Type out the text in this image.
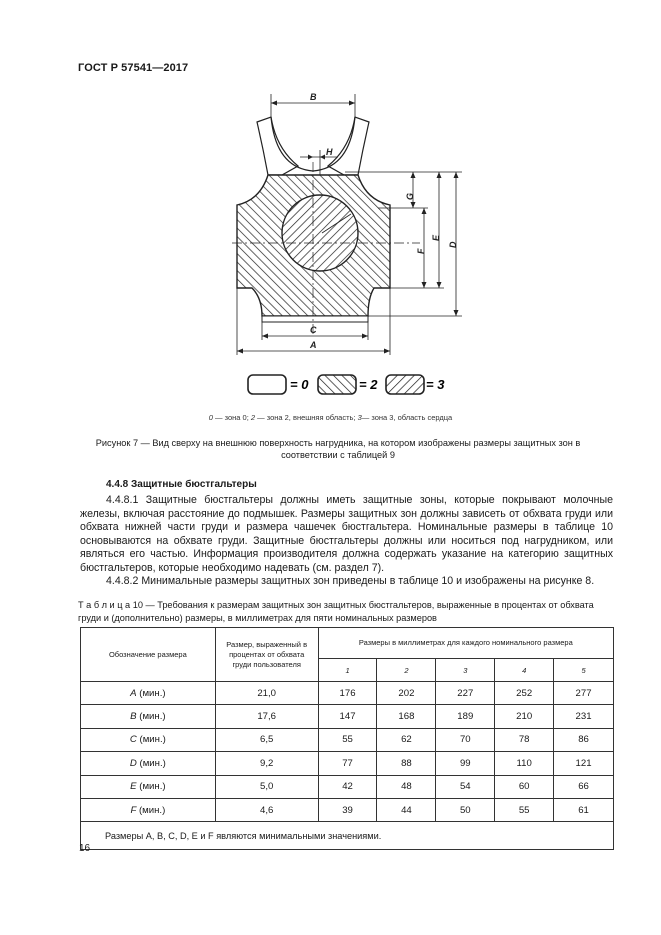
ГОСТ Р 57541—2017
B
H
G
E
F
D
C
A
= 0	= 2	= 3
0 — зона 0; 2 — зона 2, внешняя область; 3— зона 3, область сердца
Рисунок 7 — Вид сверху на внешнюю поверхность нагрудника, на котором изображены размеры защитных зон в соответствии с таблицей 9
4.4.8 Защитные бюстгальтеры
4.4.8.1 Защитные бюстгальтеры должны иметь защитные зоны, которые покрывают молочные железы, включая расстояние до подмышек. Размеры защитных зон должны зависеть от обхвата груди или обхвата нижней части груди и размера чашечек бюстгальтера. Номинальные размеры в таблице 10 основываются на обхвате груди. Защитные бюстгальтеры должны или носиться под нагрудником, или являться его частью. Информация производителя должна содержать указание на категорию защитных бюстгальтеров, которые необходимо надевать (см. раздел 7).
4.4.8.2 Минимальные размеры защитных зон приведены в таблице 10 и изображены на рисунке 8.
Т а б л и ц а 10 — Требования к размерам защитных зон защитных бюстгальтеров, выраженные в процентах от обхвата груди и (дополнительно) размеры, в миллиметрах для пяти номинальных размеров
Обозначение размера	Размер, выраженный в процентах от обхвата груди пользователя	Размеры в миллиметрах для каждого номинального размера				
		1	2	3	4	5
A (мин.)	21,0	176	202	227	252	277
B (мин.)	17,6	147	168	189	210	231
C (мин.)	6,5	55	62	70	78	86
D (мин.)	9,2	77	88	99	110	121
E (мин.)	5,0	42	48	54	60	66
F (мин.)	4,6	39	44	50	55	61
Размеры A, B, C, D, E и F являются минимальными значениями.						
16
